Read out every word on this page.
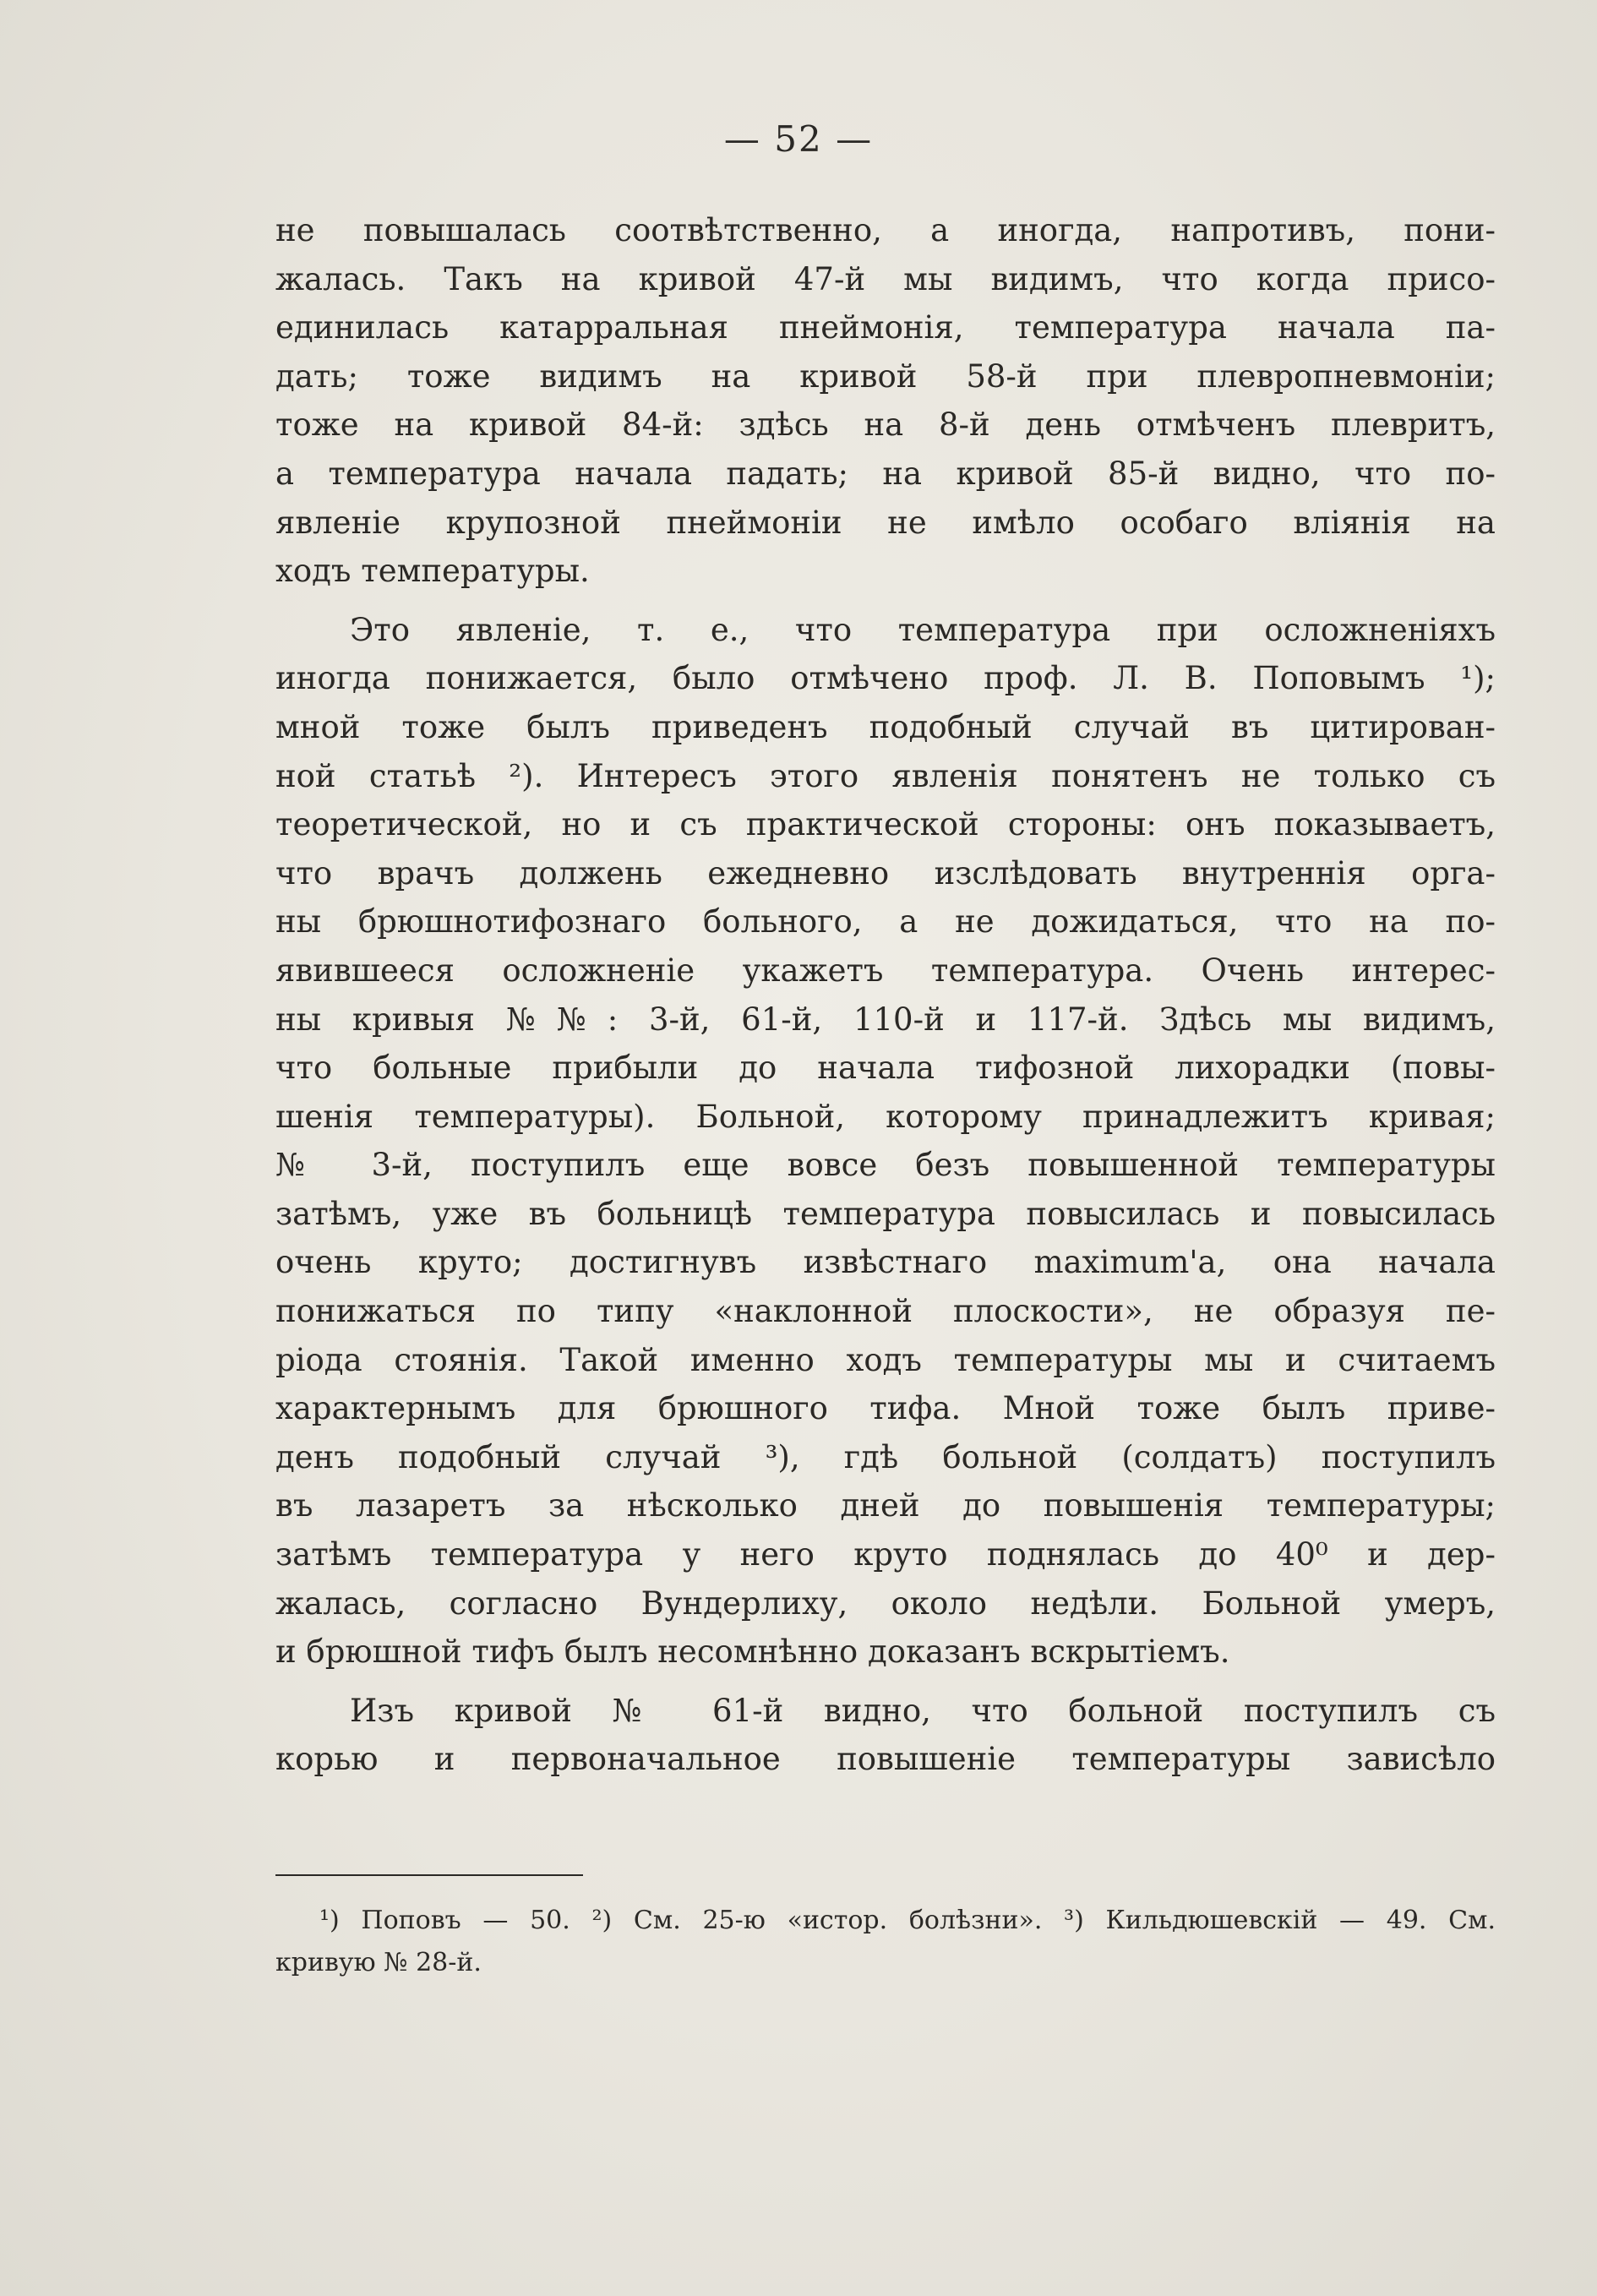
— 52 —
не повышалась соотвѣтственно, а иногда, напротивъ, пони-
жалась. Такъ на кривой 47-й мы видимъ, что когда присо-
единилась катарральная пнеймонія, температура начала па-
дать; тоже видимъ на кривой 58-й при плевропневмоніи;
тоже на кривой 84-й: здѣсь на 8-й день отмѣченъ плевритъ,
а температура начала падать; на кривой 85-й видно, что по-
явленіе крупозной пнеймоніи не имѣло особаго вліянія на
ходъ температуры.
Это явленіе, т. е., что температура при осложненіяхъ
иногда понижается, было отмѣчено проф. Л. В. Поповымъ ¹);
мной тоже былъ приведенъ подобный случай въ цитирован-
ной статьѣ ²). Интересъ этого явленія понятенъ не только съ
теоретической, но и съ практической стороны: онъ показываетъ,
что врачъ должень ежедневно изслѣдовать внутреннія орга-
ны брюшнотифознаго больного, а не дожидаться, что на по-
явившееся осложненіе укажетъ температура. Очень интерес-
ны кривыя №№: 3-й, 61-й, 110-й и 117-й. Здѣсь мы видимъ,
что больные прибыли до начала тифозной лихорадки (повы-
шенія температуры). Больной, которому принадлежитъ кривая;
№ 3-й, поступилъ еще вовсе безъ повышенной температуры
затѣмъ, уже въ больницѣ температура повысилась и повысилась
очень круто; достигнувъ извѣстнаго maximum'а, она начала
понижаться по типу «наклонной плоскости», не образуя пе-
ріода стоянія. Такой именно ходъ температуры мы и считаемъ
характернымъ для брюшного тифа. Мной тоже былъ приве-
денъ подобный случай ³), гдѣ больной (солдатъ) поступилъ
въ лазаретъ за нѣсколько дней до повышенія температуры;
затѣмъ температура у него круто поднялась до 40⁰ и дер-
жалась, согласно Вундерлиху, около недѣли. Больной умеръ,
и брюшной тифъ былъ несомнѣнно доказанъ вскрытіемъ.
Изъ кривой № 61-й видно, что больной поступилъ съ
корью и первоначальное повышеніе температуры зависѣло
¹) Поповъ — 50. ²) См. 25-ю «истор. болѣзни». ³) Кильдюшевскій — 49. См.
кривую № 28-й.
